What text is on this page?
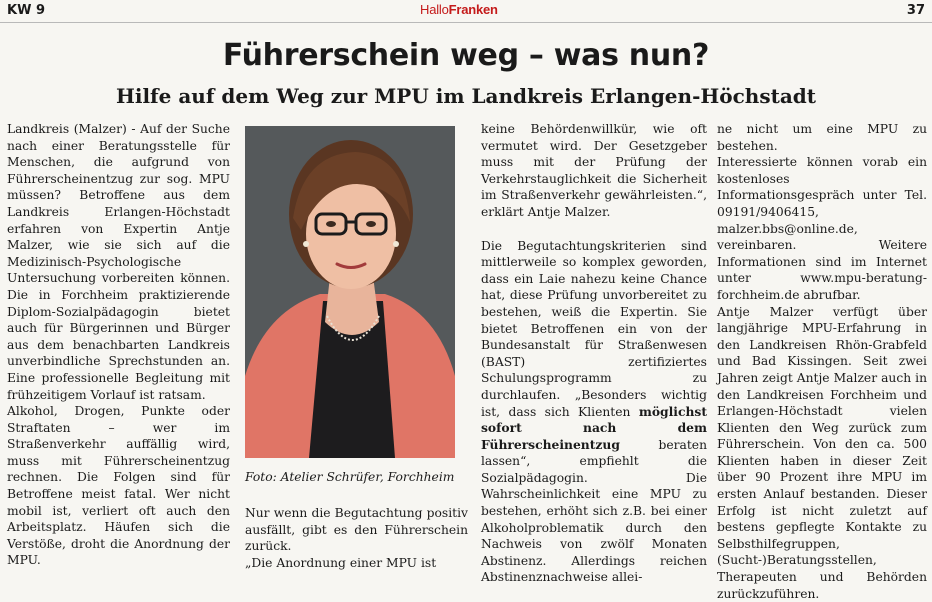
KW 9	HalloFranken	37
Führerschein weg – was nun?
Hilfe auf dem Weg zur MPU im Landkreis Erlangen-Höchstadt

Landkreis (Malzer) - Auf der Suche nach einer Beratungsstelle für Menschen, die aufgrund von Führerscheinentzug zur sog. MPU müssen? Betroffene aus dem Landkreis Erlangen-Höchstadt erfahren von Expertin Antje Malzer, wie sie sich auf die Medizinisch-Psychologische Untersuchung vorbereiten können. Die in Forchheim praktizierende Diplom-Sozialpädagogin bietet auch für Bürgerinnen und Bürger aus dem benachbarten Landkreis unverbindliche Sprechstunden an. Eine professionelle Begleitung mit frühzeitigem Vorlauf ist ratsam.

Alkohol, Drogen, Punkte oder Straftaten – wer im Straßenverkehr auffällig wird, muss mit Führerscheinentzug rechnen. Die Folgen sind für Betroffene meist fatal. Wer nicht mobil ist, verliert oft auch den Arbeitsplatz. Häufen sich die Verstöße, droht die Anordnung der MPU.

Foto: Atelier Schrüfer, Forchheim

Nur wenn die Begutachtung positiv ausfällt, gibt es den Führerschein zurück.

„Die Anordnung einer MPU ist

keine Behördenwillkür, wie oft vermutet wird. Der Gesetzgeber muss mit der Prüfung der Verkehrstauglichkeit die Sicherheit im Straßenverkehr gewährleisten.“, erklärt Antje Malzer.

Die Begutachtungskriterien sind mittlerweile so komplex geworden, dass ein Laie nahezu keine Chance hat, diese Prüfung unvorbereitet zu bestehen, weiß die Expertin. Sie bietet Betroffenen ein von der Bundesanstalt für Straßenwesen (BAST) zertifiziertes Schulungsprogramm zu durchlaufen. „Besonders wichtig ist, dass sich Klienten möglichst sofort nach dem Führerscheinentzug beraten lassen“, empfiehlt die Sozialpädagogin. Die Wahrscheinlichkeit eine MPU zu bestehen, erhöht sich z.B. bei einer Alkoholproblematik durch den Nachweis von zwölf Monaten Abstinenz. Allerdings reichen Abstinenznachweise allei-

ne nicht um eine MPU zu bestehen.

Interessierte können vorab ein kostenloses Informationsgespräch unter Tel. 09191/9406415, malzer.bbs@online.de, vereinbaren. Weitere Informationen sind im Internet unter www.mpu-beratung-forchheim.de abrufbar.

Antje Malzer verfügt über langjährige MPU-Erfahrung in den Landkreisen Rhön-Grabfeld und Bad Kissingen. Seit zwei Jahren zeigt Antje Malzer auch in den Landkreisen Forchheim und Erlangen-Höchstadt vielen Klienten den Weg zurück zum Führerschein. Von den ca. 500 Klienten haben in dieser Zeit über 90 Prozent ihre MPU im ersten Anlauf bestanden. Dieser Erfolg ist nicht zuletzt auf bestens gepflegte Kontakte zu Selbsthilfegruppen, (Sucht-)Beratungsstellen, Therapeuten und Behörden zurückzuführen.
